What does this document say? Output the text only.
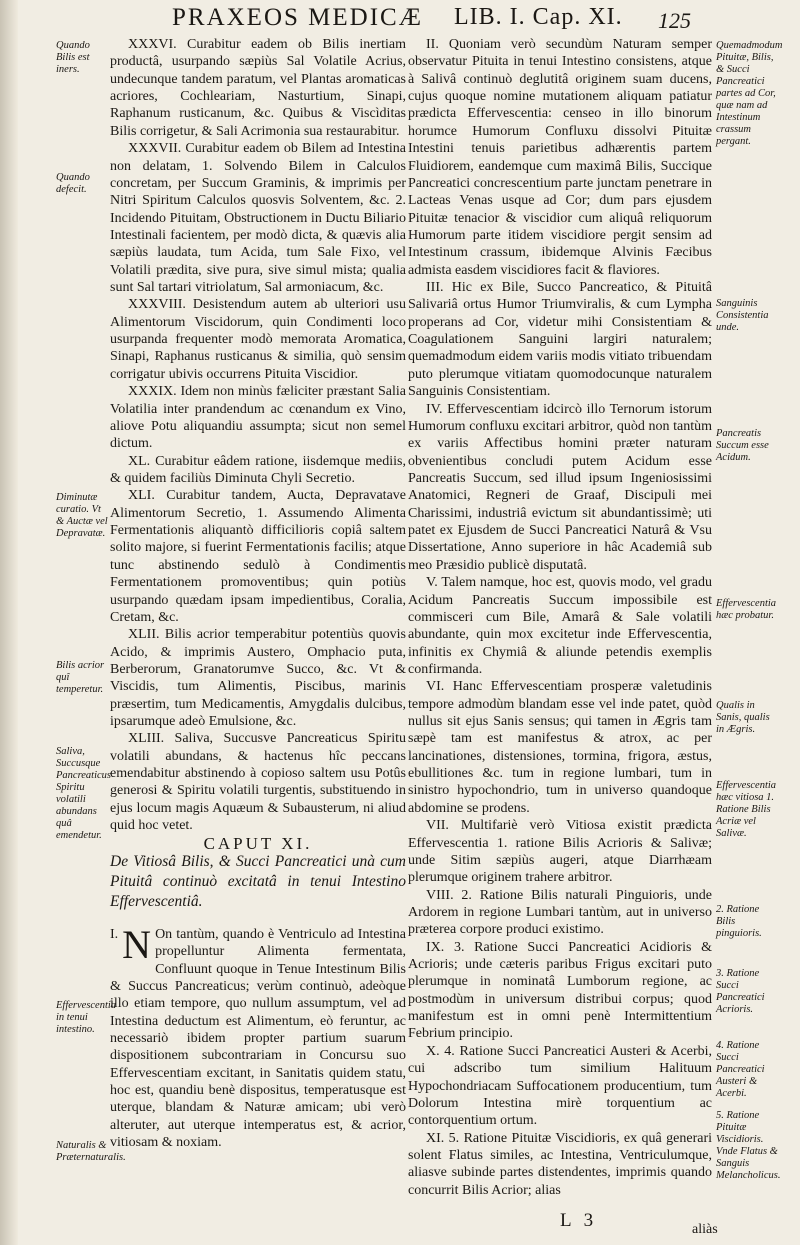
PRAXEOS MEDICÆ LIB. I. Cap. XI. 125
Quando Bilis est iners.
Quando defecit.
Diminutæ curatio. Vt & Auctæ vel Depravatæ.
Bilis acrior quî temperetur.
Saliva, Succusque Pancreaticus Spiritu volatili abundans quâ emendetur.
Effervescentia in tenui intestino.
Naturalis & Præternaturalis.
Quemadmodum Pituitæ, Bilis, & Succi Pancreatici partes ad Cor, quæ nam ad Intestinum crassum pergant.
Sanguinis Consistentia unde.
Pancreatis Succum esse Acidum.
Effervescentia hæc probatur.
Qualis in Sanis, qualis in Ægris.
Effervescentia hæc vitiosa 1. Ratione Bilis Acriæ vel Salivæ.
2. Ratione Bilis pinguioris.
3. Ratione Succi Pancreatici Acrioris.
4. Ratione Succi Pancreatici Austeri & Acerbi.
5. Ratione Pituitæ Viscidioris. Vnde Flatus & Sanguis Melancholicus.

XXXVI. Curabitur eadem ob Bilis inertiam productâ, usurpando sæpiùs Sal Volatile Acrius, undecunque tandem paratum, vel Plantas aromaticas acriores, Cochleariam, Nasturtium, Sinapi, Raphanum rusticanum, &c. Quibus & Viscìditas Bilis corrigetur, & Sali Acrimonia sua restaurabitur.

XXXVII. Curabitur eadem ob Bilem ad Intestina non delatam, 1. Solvendo Bilem in Calculos concretam, per Succum Graminis, & imprimis per Nitri Spiritum Calculos quosvis Solventem, &c. 2. Incidendo Pituitam, Obstructionem in Ductu Biliario Intestinali facientem, per modò dicta, & quævis alia sæpiùs laudata, tum Acida, tum Sale Fixo, vel Volatili prædita, sive pura, sive simul mista; qualia sunt Sal tartari vitriolatum, Sal armoniacum, &c.

XXXVIII. Desistendum autem ab ulteriori usu Alimentorum Viscidorum, quin Condimenti loco usurpanda frequenter modò memorata Aromatica, Sinapi, Raphanus rusticanus & similia, quò sensim corrigatur ubivis occurrens Pituita Viscidior.

XXXIX. Idem non minùs fæliciter præstant Salia Volatilia inter prandendum ac cœnandum ex Vino, aliove Potu aliquandiu assumpta; sicut non semel dictum.

XL. Curabitur eâdem ratione, iisdemque mediis, & quidem faciliùs Diminuta Chyli Secretio.

XLI. Curabitur tandem, Aucta, Depravatave Alimentorum Secretio, 1. Assumendo Alimenta Fermentationis aliquantò difficilioris copiâ saltem solito majore, si fuerint Fermentationis facilis; atque tunc abstinendo sedulò à Condimentis Fermentationem promoventibus; quin potiùs usurpando quædam ipsam impedientibus, Coralia, Cretam, &c.

XLII. Bilis acrior temperabitur potentiùs quovis Acido, & imprimis Austero, Omphacio puta, Berberorum, Granatorumve Succo, &c. Vt & Viscidis, tum Alimentis, Piscibus, marinis præsertim, tum Medicamentis, Amygdalis dulcibus, ipsarumque adeò Emulsione, &c.

XLIII. Saliva, Succusve Pancreaticus Spiritu volatili abundans, & hactenus hîc peccans emendabitur abstinendo à copioso saltem usu Potûs generosi & Spiritu volatili turgentis, substituendo in ejus locum magis Aquæum & Subausterum, ni aliud quid hoc vetet.

CAPUT XI.

De Vitiosâ Bilis, & Succi Pancreatici unà cum Pituitâ continuò excitatâ in tenui Intestino Effervescentiâ.

I. N On tantùm, quando è Ventriculo ad Intestina propelluntur Alimenta fermentata, Confluunt quoque in Tenue Intestinum Bilis & Succus Pancreaticus; verùm continuò, adeòque illo etiam tempore, quo nullum assumptum, vel ad Intestina deductum est Alimentum, eò feruntur, ac necessariò ibidem propter partium suarum dispositionem subcontrariam in Concursu suo Effervescentiam excitant, in Sanitatis quidem statu, hoc est, quandiu benè dispositus, temperatusque est uterque, blandam & Naturæ amicam; ubi verò alteruter, aut uterque intemperatus est, & acrior, vitiosam & noxiam.

II. Quoniam verò secundùm Naturam semper observatur Pituita in tenui Intestino consistens, atque à Salivâ continuò deglutitâ originem suam ducens, cujus quoque nomine mutationem aliquam patiatur prædicta Effervescentia: censeo in illo binorum horumce Humorum Confluxu dissolvi Pituitæ Intestini tenuis parietibus adhærentis partem Fluidiorem, eandemque cum maximâ Bilis, Succique Pancreatici concrescentium parte junctam penetrare in Lacteas Venas usque ad Cor; dum pars ejusdem Pituitæ tenacior & viscidior cum aliquâ reliquorum Humorum parte itidem viscidiore pergit sensim ad Intestinum crassum, ibidemque Alvinis Fæcibus admista easdem viscidiores facit & flaviores.

III. Hic ex Bile, Succo Pancreatico, & Pituitâ Salivariâ ortus Humor Triumviralis, & cum Lympha properans ad Cor, videtur mihi Consistentiam & Coagulationem Sanguini largiri naturalem; quemadmodum eidem variis modis vitiato tribuendam puto plerumque vitiatam quomodocunque naturalem Sanguinis Consistentiam.

IV. Effervescentiam idcircò illo Ternorum istorum Humorum confluxu excitari arbitror, quòd non tantùm ex variis Affectibus homini præter naturam obvenientibus concludi putem Acidum esse Pancreatis Succum, sed illud ipsum Ingeniosissimi Anatomici, Regneri de Graaf, Discipuli mei Charissimi, industriâ evictum sit abundantissimè; uti patet ex Ejusdem de Succi Pancreatici Naturâ & Vsu Dissertatione, Anno superiore in hâc Academiâ sub meo Præsidio publicè disputatâ.

V. Talem namque, hoc est, quovis modo, vel gradu Acidum Pancreatis Succum impossibile est commisceri cum Bile, Amarâ & Sale volatili abundante, quin mox excitetur inde Effervescentia, infinitis ex Chymiâ & aliunde petendis exemplis confirmanda.

VI. Hanc Effervescentiam prosperæ valetudinis tempore admodùm blandam esse vel inde patet, quòd nullus sit ejus Sanis sensus; qui tamen in Ægris tam sæpè tam est manifestus & atrox, ac per lancinationes, distensiones, tormina, frigora, æstus, ebullitiones &c. tum in regione lumbari, tum in sinistro hypochondrio, tum in universo quandoque abdomine se prodens.

VII. Multifariè verò Vitiosa existit prædicta Effervescentia 1. ratione Bilis Acrioris & Salivæ; unde Sitim sæpiùs augeri, atque Diarrhæam plerumque originem trahere arbitror.

VIII. 2. Ratione Bilis naturali Pinguioris, unde Ardorem in regione Lumbari tantùm, aut in universo præterea corpore produci existimo.

IX. 3. Ratione Succi Pancreatici Acidioris & Acrioris; unde cæteris paribus Frigus excitari puto plerumque in nominatâ Lumborum regione, ac postmodùm in universum distribui corpus; quod manifestum est in omni penè Intermittentium Febrium principio.

X. 4. Ratione Succi Pancreatici Austeri & Acerbi, cui adscribo tum similium Halituum Hypochondriacam Suffocationem producentium, tum Dolorum Intestina mirè torquentium ac contorquentium ortum.

XI. 5. Ratione Pituitæ Viscidioris, ex quâ generari solent Flatus similes, ac Intestina, Ventriculumque, aliasve subinde partes distendentes, imprimis quando concurrit Bilis Acrior; alias

L 3	aliàs
